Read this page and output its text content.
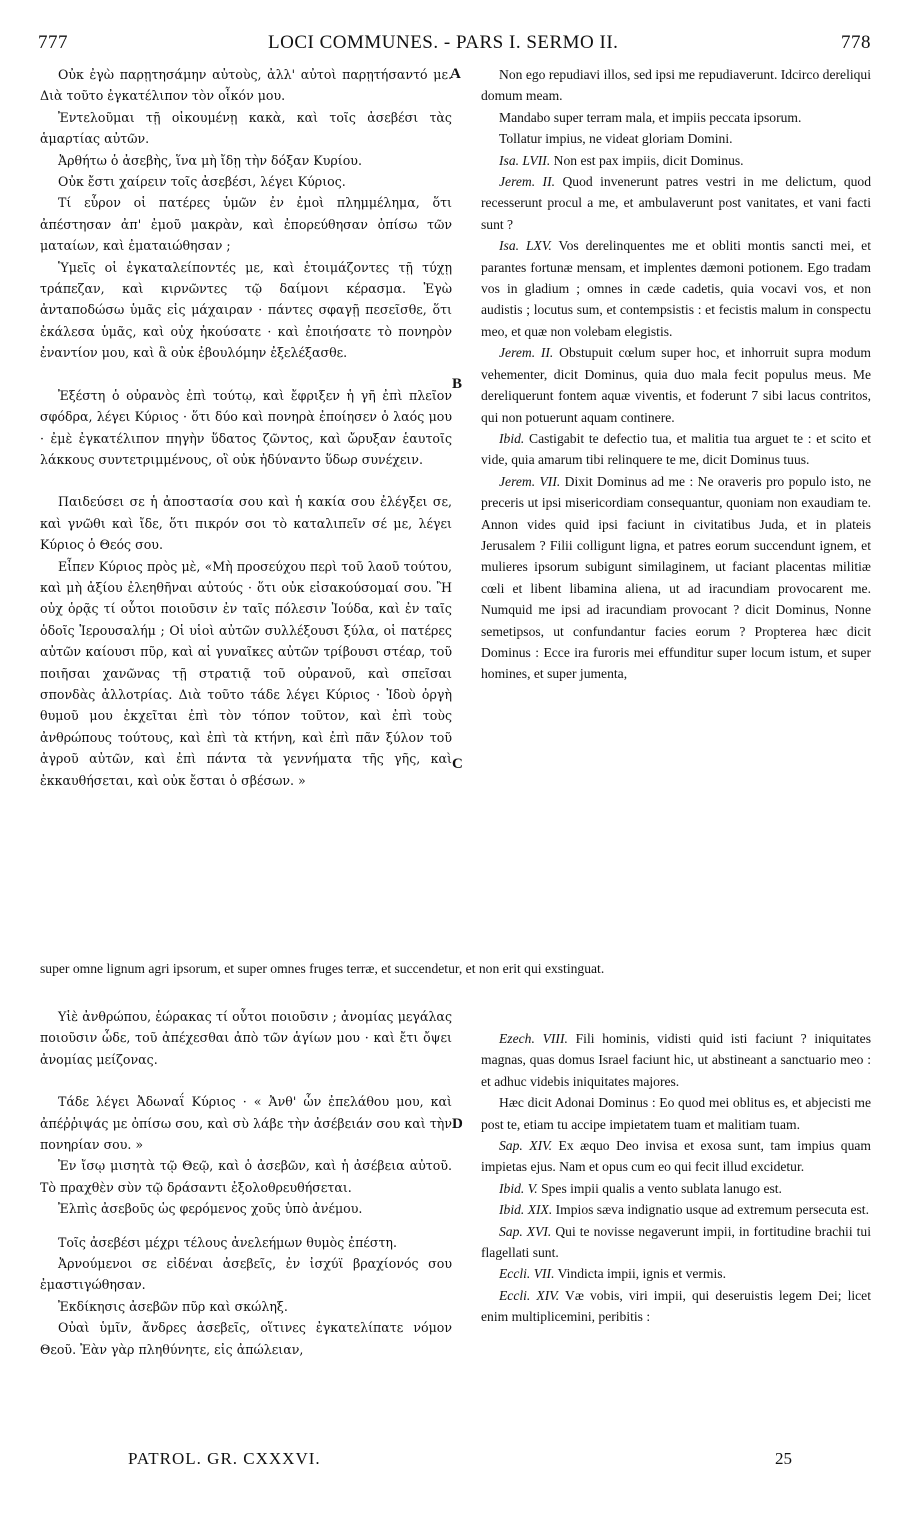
777	LOCI COMMUNES. - PARS I. SERMO II.	778

Οὐκ ἐγὼ παρῃτησάμην αὐτοὺς, ἀλλ' αὐτοὶ παρῃτήσαντό με. Διὰ τοῦτο ἐγκατέλιπον τὸν οἶκόν μου.

Ἐντελοῦμαι τῇ οἰκουμένῃ κακὰ, καὶ τοῖς ἀσεβέσι τὰς ἁμαρτίας αὐτῶν.

Ἀρθήτω ὁ ἀσεβὴς, ἵνα μὴ ἴδῃ τὴν δόξαν Κυρίου.

Οὐκ ἔστι χαίρειν τοῖς ἀσεβέσι, λέγει Κύριος.

Τί εὗρον οἱ πατέρες ὑμῶν ἐν ἐμοὶ πλημμέλημα, ὅτι ἀπέστησαν ἀπ' ἐμοῦ μακρὰν, καὶ ἐπορεύθησαν ὀπίσω τῶν ματαίων, καὶ ἐματαιώθησαν ;

Ὑμεῖς οἱ ἐγκαταλείποντές με, καὶ ἑτοιμάζοντες τῇ τύχῃ τράπεζαν, καὶ κιρνῶντες τῷ δαίμονι κέρασμα. Ἐγὼ ἀνταποδώσω ὑμᾶς εἰς μάχαιραν · πάντες σφαγῇ πεσεῖσθε, ὅτι ἐκάλεσα ὑμᾶς, καὶ οὐχ ἠκούσατε · καὶ ἐποιήσατε τὸ πονηρὸν ἐναντίον μου, καὶ ἃ οὐκ ἐβουλόμην ἐξελέξασθε.

Ἐξέστη ὁ οὐρανὸς ἐπὶ τούτῳ, καὶ ἔφριξεν ἡ γῆ ἐπὶ πλεῖον σφόδρα, λέγει Κύριος · ὅτι δύο καὶ πονηρὰ ἐποίησεν ὁ λαός μου · ἐμὲ ἐγκατέλιπον πηγὴν ὕδατος ζῶντος, καὶ ὤρυξαν ἑαυτοῖς λάκκους συντετριμμένους, οἳ οὐκ ἠδύναντο ὕδωρ συνέχειν.

Παιδεύσει σε ἡ ἀποστασία σου καὶ ἡ κακία σου ἐλέγξει σε, καὶ γνῶθι καὶ ἴδε, ὅτι πικρόν σοι τὸ καταλιπεῖν σέ με, λέγει Κύριος ὁ Θεός σου.

Εἶπεν Κύριος πρὸς μὲ, «Μὴ προσεύχου περὶ τοῦ λαοῦ τούτου, καὶ μὴ ἀξίου ἐλεηθῆναι αὐτούς · ὅτι οὐκ εἰσακούσομαί σου. Ἢ οὐχ ὁρᾷς τί οὗτοι ποιοῦσιν ἐν ταῖς πόλεσιν Ἰούδα, καὶ ἐν ταῖς ὁδοῖς Ἱερουσαλήμ ; Οἱ υἱοὶ αὐτῶν συλλέξουσι ξύλα, οἱ πατέρες αὐτῶν καίουσι πῦρ, καὶ αἱ γυναῖκες αὐτῶν τρίβουσι στέαρ, τοῦ ποιῆσαι χανῶνας τῇ στρατιᾷ τοῦ οὐρανοῦ, καὶ σπεῖσαι σπονδὰς ἀλλοτρίας. Διὰ τοῦτο τάδε λέγει Κύριος · Ἰδοὺ ὀργὴ θυμοῦ μου ἐκχεῖται ἐπὶ τὸν τόπον τοῦτον, καὶ ἐπὶ τοὺς ἀνθρώπους τούτους, καὶ ἐπὶ τὰ κτήνη, καὶ ἐπὶ πᾶν ξύλον τοῦ ἀγροῦ αὐτῶν, καὶ ἐπὶ πάντα τὰ γεννήματα τῆς γῆς, καὶ ἐκκαυθήσεται, καὶ οὐκ ἔσται ὁ σβέσων. »

Non ego repudiavi illos, sed ipsi me repudiaverunt. Idcirco dereliqui domum meam.

Mandabo super terram mala, et impiis peccata ipsorum.

Tollatur impius, ne videat gloriam Domini.

Isa. LVII. Non est pax impiis, dicit Dominus.

Jerem. II. Quod invenerunt patres vestri in me delictum, quod recesserunt procul a me, et ambulaverunt post vanitates, et vani facti sunt ?

Isa. LXV. Vos derelinquentes me et obliti montis sancti mei, et parantes fortunæ mensam, et implentes dæmoni potionem. Ego tradam vos in gladium ; omnes in cæde cadetis, quia vocavi vos, et non audistis ; locutus sum, et contempsistis : et fecistis malum in conspectu meo, et quæ non volebam elegistis.

Jerem. II. Obstupuit cœlum super hoc, et inhorruit supra modum vehementer, dicit Dominus, quia duo mala fecit populus meus. Me dereliquerunt fontem aquæ viventis, et foderunt 7 sibi lacus contritos, qui non potuerunt aquam continere.

Ibid. Castigabit te defectio tua, et malitia tua arguet te : et scito et vide, quia amarum tibi relinquere te me, dicit Dominus tuus.

Jerem. VII. Dixit Dominus ad me : Ne oraveris pro populo isto, ne preceris ut ipsi misericordiam consequantur, quoniam non exaudiam te. Annon vides quid ipsi faciunt in civitatibus Juda, et in plateis Jerusalem ? Filii colligunt ligna, et patres eorum succendunt ignem, et mulieres ipsorum subigunt similaginem, ut faciant placentas militiæ cœli et libent libamina aliena, ut ad iracundiam provocarent me. Numquid me ipsi ad iracundiam provocant ? dicit Dominus, Nonne semetipsos, ut confundantur facies eorum ? Propterea hæc dicit Dominus : Ecce ira furoris mei effunditur super locum istum, et super homines, et super jumenta,

A
B
C
D
super omne lignum agri ipsorum, et super omnes fruges terræ, et succendetur, et non erit qui exstinguat.

Υἱὲ ἀνθρώπου, ἑώρακας τί οὗτοι ποιοῦσιν ; ἀνομίας μεγάλας ποιοῦσιν ὧδε, τοῦ ἀπέχεσθαι ἀπὸ τῶν ἁγίων μου · καὶ ἔτι ὄψει ἀνομίας μείζονας.

Τάδε λέγει Ἀδωναΐ Κύριος · « Ἀνθ' ὧν ἐπελάθου μου, καὶ ἀπέῤῥιψάς με ὀπίσω σου, καὶ σὺ λάβε τὴν ἀσέβειάν σου καὶ τὴν πονηρίαν σου. »

Ἐν ἴσῳ μισητὰ τῷ Θεῷ, καὶ ὁ ἀσεβῶν, καὶ ἡ ἀσέβεια αὐτοῦ. Τὸ πραχθὲν σὺν τῷ δράσαντι ἐξολοθρευθήσεται.

Ἐλπὶς ἀσεβοῦς ὡς φερόμενος χοῦς ὑπὸ ἀνέμου.

Τοῖς ἀσεβέσι μέχρι τέλους ἀνελεήμων θυμὸς ἐπέστη.

Ἀρνούμενοι σε εἰδέναι ἀσεβεῖς, ἐν ἰσχύϊ βραχίονός σου ἐμαστιγώθησαν.

Ἐκδίκησις ἀσεβῶν πῦρ καὶ σκώληξ.

Οὐαὶ ὑμῖν, ἄνδρες ἀσεβεῖς, οἵτινες ἐγκατελίπατε νόμον Θεοῦ. Ἐὰν γὰρ πληθύνητε, εἰς ἀπώλειαν,

Ezech. VIII. Fili hominis, vidisti quid isti faciunt ? iniquitates magnas, quas domus Israel faciunt hic, ut abstineant a sanctuario meo : et adhuc videbis iniquitates majores.

Hæc dicit Adonai Dominus : Eo quod mei oblitus es, et abjecisti me post te, etiam tu accipe impietatem tuam et malitiam tuam.

Sap. XIV. Ex æquo Deo invisa et exosa sunt, tam impius quam impietas ejus. Nam et opus cum eo qui fecit illud excidetur.

Ibid. V. Spes impii qualis a vento sublata lanugo est.

Ibid. XIX. Impios sæva indignatio usque ad extremum persecuta est.

Sap. XVI. Qui te novisse negaverunt impii, in fortitudine brachii tui flagellati sunt.

Eccli. VII. Vindicta impii, ignis et vermis.

Eccli. XIV. Væ vobis, viri impii, qui deseruistis legem Dei; licet enim multiplicemini, peribitis :

PATROL. GR. CXXXVI.	25
